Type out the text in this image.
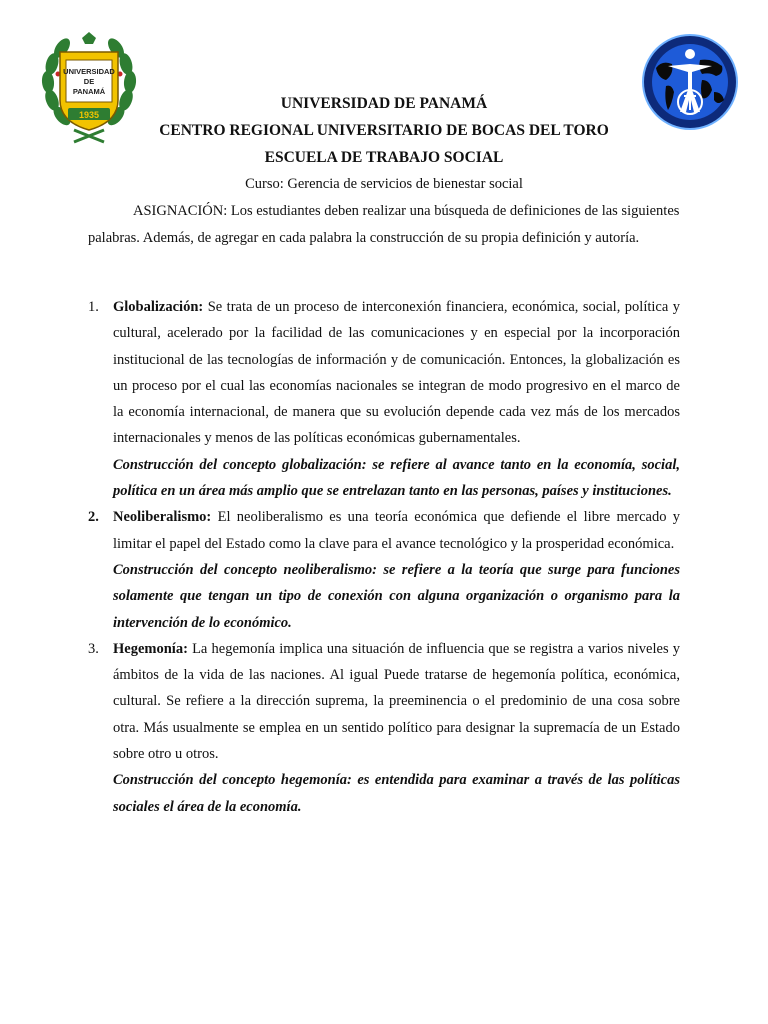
UNIVERSIDAD
DE
PANAMÁ
1935
UNIVERSIDAD DE PANAMÁ
CENTRO REGIONAL UNIVERSITARIO DE BOCAS DEL TORO
ESCUELA DE TRABAJO SOCIAL
Curso: Gerencia de servicios de bienestar social
ASIGNACIÓN: Los estudiantes deben realizar una búsqueda de definiciones de las siguientes palabras. Además, de agregar en cada palabra la construcción de su propia definición y autoría.
1. Globalización: Se trata de un proceso de interconexión financiera, económica, social, política y cultural, acelerado por la facilidad de las comunicaciones y en especial por la incorporación institucional de las tecnologías de información y de comunicación. Entonces, la globalización es un proceso por el cual las economías nacionales se integran de modo progresivo en el marco de la economía internacional, de manera que su evolución depende cada vez más de los mercados internacionales y menos de las políticas económicas gubernamentales.
Construcción del concepto globalización: se refiere al avance tanto en la economía, social, política en un área más amplio que se entrelazan tanto en las personas, países y instituciones.
2. Neoliberalismo: El neoliberalismo es una teoría económica que defiende el libre mercado y limitar el papel del Estado como la clave para el avance tecnológico y la prosperidad económica.
Construcción del concepto neoliberalismo: se refiere a la teoría que surge para funciones solamente que tengan un tipo de conexión con alguna organización o organismo para la intervención de lo económico.
3. Hegemonía: La hegemonía implica una situación de influencia que se registra a varios niveles y ámbitos de la vida de las naciones. Al igual Puede tratarse de hegemonía política, económica, cultural. Se refiere a la dirección suprema, la preeminencia o el predominio de una cosa sobre otra. Más usualmente se emplea en un sentido político para designar la supremacía de un Estado sobre otro u otros.
Construcción del concepto hegemonía: es entendida para examinar a través de las políticas sociales el área de la economía.
